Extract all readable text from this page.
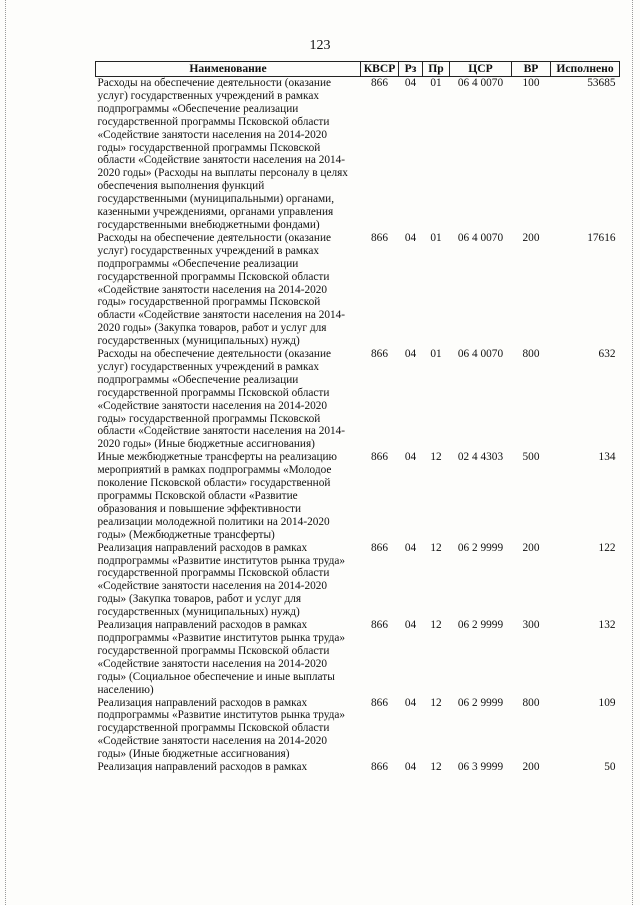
123
Наименование	КВСР	Рз	Пр	ЦСР	ВР	Исполнено
Расходы на обеспечение деятельности (оказание услуг) государственных учреждений в рамках подпрограммы «Обеспечение реализации государственной программы Псковской области «Содействие занятости населения на 2014-2020 годы» государственной программы Псковской области «Содействие занятости населения на 2014-2020 годы» (Расходы на выплаты персоналу в целях обеспечения выполнения функций государственными (муниципальными) органами, казенными учреждениями, органами управления государственными внебюджетными фондами)	866	04	01	06 4 0070	100	53685
Расходы на обеспечение деятельности (оказание услуг) государственных учреждений в рамках подпрограммы «Обеспечение реализации государственной программы Псковской области «Содействие занятости населения на 2014-2020 годы» государственной программы Псковской области «Содействие занятости населения на 2014-2020 годы» (Закупка товаров, работ и услуг для государственных (муниципальных) нужд)	866	04	01	06 4 0070	200	17616
Расходы на обеспечение деятельности (оказание услуг) государственных учреждений в рамках подпрограммы «Обеспечение реализации государственной программы Псковской области «Содействие занятости населения на 2014-2020 годы» государственной программы Псковской области «Содействие занятости населения на 2014-2020 годы» (Иные бюджетные ассигнования)	866	04	01	06 4 0070	800	632
Иные межбюджетные трансферты на реализацию мероприятий в рамках подпрограммы «Молодое поколение Псковской области» государственной программы Псковской области «Развитие образования и повышение эффективности реализации молодежной политики на 2014-2020 годы» (Межбюджетные трансферты)	866	04	12	02 4 4303	500	134
Реализация направлений расходов в рамках подпрограммы «Развитие институтов рынка труда» государственной программы Псковской области «Содействие занятости населения на 2014-2020 годы» (Закупка товаров, работ и услуг для государственных (муниципальных) нужд)	866	04	12	06 2 9999	200	122
Реализация направлений расходов в рамках подпрограммы «Развитие институтов рынка труда» государственной программы Псковской области «Содействие занятости населения на 2014-2020 годы» (Социальное обеспечение и иные выплаты населению)	866	04	12	06 2 9999	300	132
Реализация направлений расходов в рамках подпрограммы «Развитие институтов рынка труда» государственной программы Псковской области «Содействие занятости населения на 2014-2020 годы» (Иные бюджетные ассигнования)	866	04	12	06 2 9999	800	109
Реализация направлений расходов в рамках	866	04	12	06 3 9999	200	50
